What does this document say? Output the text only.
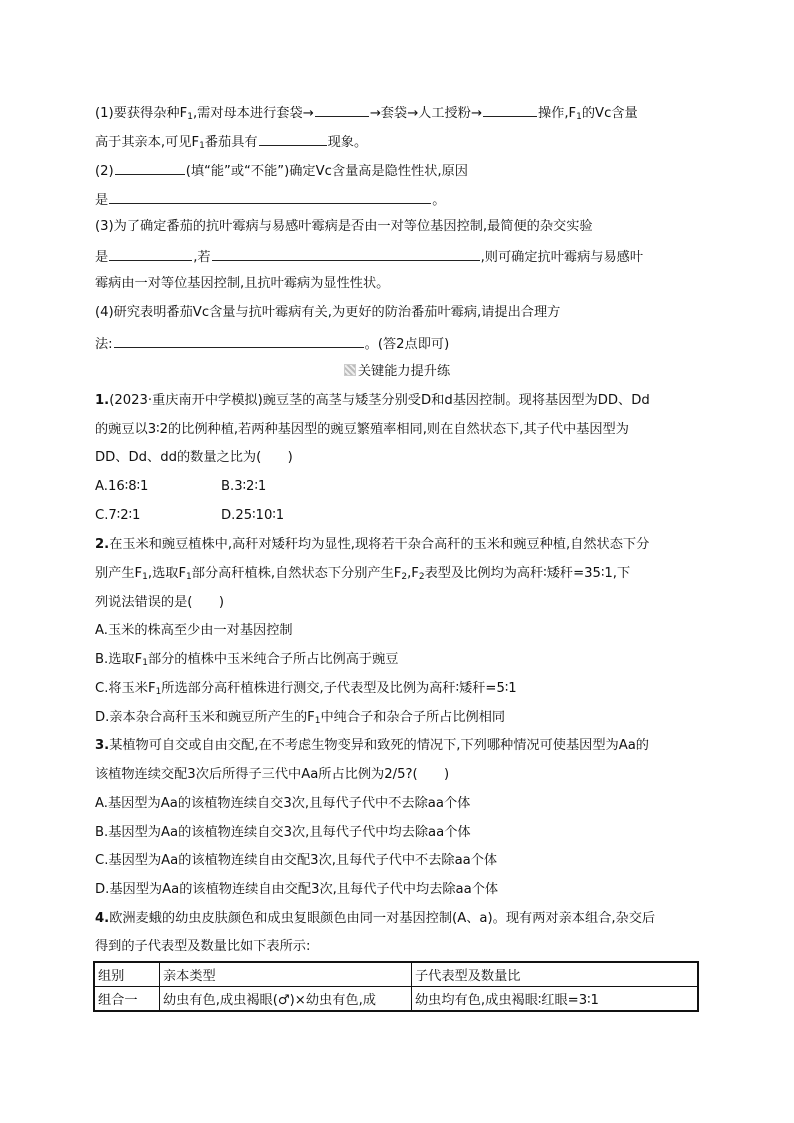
(1)要获得杂种$F_1$,需对母本进行套袋→	→套袋→人工授粉→	操作$,F_1$的Vc含量
高于其亲本,可见$F_1$番茄具有	现象。
(2)	(填“能”或“不能”)确定Vc含量高是隐性性状,原因
是	。
(3)为了确定番茄的抗叶霉病与易感叶霉病是否由一对等位基因控制,最简便的杂交实验
是	,若	,则可确定抗叶霉病与易感叶
霉病由一对等位基因控制,且抗叶霉病为显性性状。
(4)研究表明番茄Vc含量与抗叶霉病有关,为更好的防治番茄叶霉病,请提出合理方
法:	。(答2点即可)
关键能力提升练
1.(2023·重庆南开中学模拟)豌豆茎的高茎与矮茎分别受D和d基因控制。现将基因型为DD、Dd
的豌豆以3∶2的比例种植,若两种基因型的豌豆繁殖率相同,则在自然状态下,其子代中基因型为
DD、Dd、dd的数量之比为(　　)
A.16∶8∶1	B.3∶2∶1
C.7∶2∶1	D.25∶10∶1
2.在玉米和豌豆植株中,高秆对矮秆均为显性,现将若干杂合高秆的玉米和豌豆种植,自然状态下分
别产生$F_1$,选取$F_1$部分高秆植株,自然状态下分别产生$F_2,F_2$表型及比例均为高秆∶矮秆=35∶1,下
列说法错误的是(　　)
A.玉米的株高至少由一对基因控制
B.选取$F_1$部分的植株中玉米纯合子所占比例高于豌豆
C.将玉米$F_1$所选部分高秆植株进行测交,子代表型及比例为高秆∶矮秆=5∶1
D.亲本杂合高秆玉米和豌豆所产生的$F_1$中纯合子和杂合子所占比例相同
3.某植物可自交或自由交配,在不考虑生物变异和致死的情况下,下列哪种情况可使基因型为Aa的
该植物连续交配3次后所得子三代中Aa所占比例为2/5?(　　)
A.基因型为Aa的该植物连续自交3次,且每代子代中不去除aa个体
B.基因型为Aa的该植物连续自交3次,且每代子代中均去除aa个体
C.基因型为Aa的该植物连续自由交配3次,且每代子代中不去除aa个体
D.基因型为Aa的该植物连续自由交配3次,且每代子代中均去除aa个体
4.欧洲麦蛾的幼虫皮肤颜色和成虫复眼颜色由同一对基因控制(A、a)。现有两对亲本组合,杂交后
得到的子代表型及数量比如下表所示:
组别	亲本类型	子代表型及数量比
组合一	幼虫有色,成虫褐眼(♂)×幼虫有色,成	幼虫均有色,成虫褐眼∶红眼=3∶1
